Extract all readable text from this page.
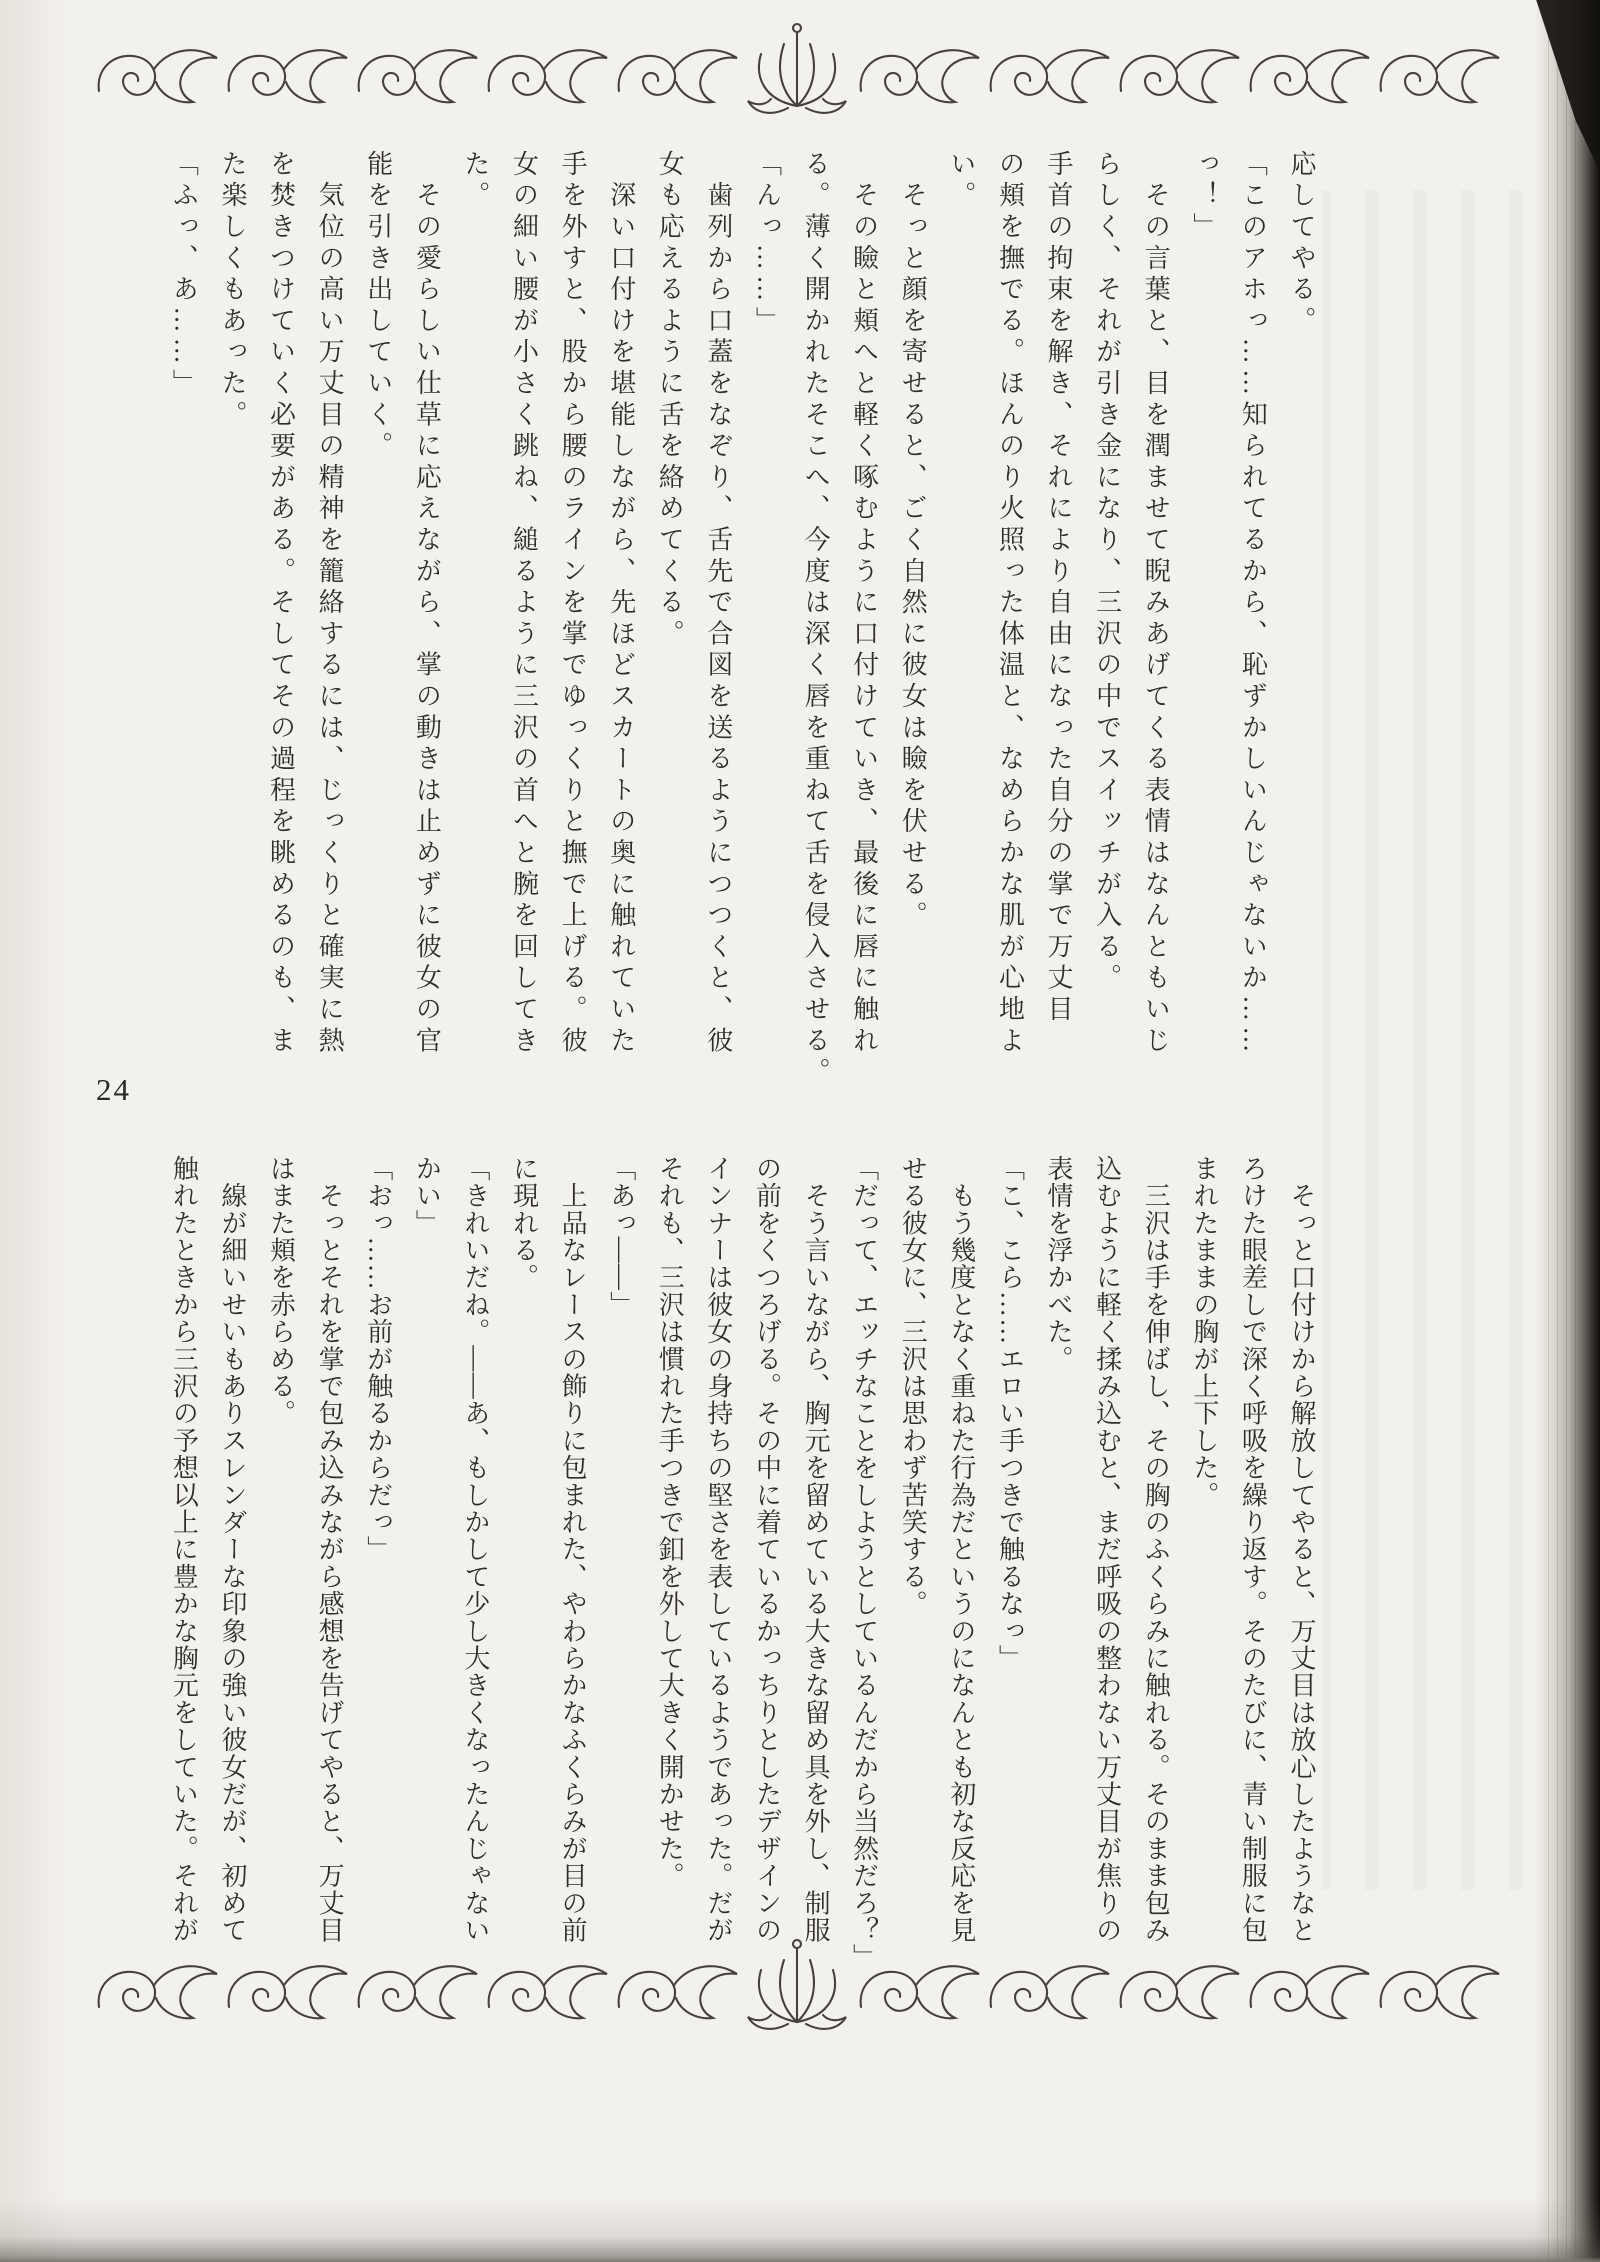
応してやる。

「このアホっ……知られてるから、恥ずかしいんじゃないか……

っ！」

　その言葉と、目を潤ませて睨みあげてくる表情はなんともいじ

らしく、それが引き金になり、三沢の中でスイッチが入る。

手首の拘束を解き、それにより自由になった自分の掌で万丈目

の頬を撫でる。ほんのり火照った体温と、なめらかな肌が心地よ

い。

　そっと顔を寄せると、ごく自然に彼女は瞼を伏せる。

　その瞼と頬へと軽く啄むように口付けていき、最後に唇に触れ

る。薄く開かれたそこへ、今度は深く唇を重ねて舌を侵入させる。

「んっ……」

　歯列から口蓋をなぞり、舌先で合図を送るようにつつくと、彼

女も応えるように舌を絡めてくる。

　深い口付けを堪能しながら、先ほどスカートの奥に触れていた

手を外すと、股から腰のラインを掌でゆっくりと撫で上げる。彼

女の細い腰が小さく跳ね、縋るように三沢の首へと腕を回してき

た。

　その愛らしい仕草に応えながら、掌の動きは止めずに彼女の官

能を引き出していく。

　気位の高い万丈目の精神を籠絡するには、じっくりと確実に熱

を焚きつけていく必要がある。そしてその過程を眺めるのも、ま

た楽しくもあった。

「ふっ、あ……」

24

　そっと口付けから解放してやると、万丈目は放心したようなと

ろけた眼差しで深く呼吸を繰り返す。そのたびに、青い制服に包

まれたままの胸が上下した。

　三沢は手を伸ばし、その胸のふくらみに触れる。そのまま包み

込むように軽く揉み込むと、まだ呼吸の整わない万丈目が焦りの

表情を浮かべた。

「こ、こら……エロい手つきで触るなっ」

　もう幾度となく重ねた行為だというのになんとも初な反応を見

せる彼女に、三沢は思わず苦笑する。

「だって、エッチなことをしようとしているんだから当然だろ？」

　そう言いながら、胸元を留めている大きな留め具を外し、制服

の前をくつろげる。その中に着ているかっちりとしたデザインの

インナーは彼女の身持ちの堅さを表しているようであった。だが

それも、三沢は慣れた手つきで釦を外して大きく開かせた。

「あっ――」

　上品なレースの飾りに包まれた、やわらかなふくらみが目の前

に現れる。

「きれいだね。――あ、もしかして少し大きくなったんじゃない

かい」

「おっ……お前が触るからだっ」

　そっとそれを掌で包み込みながら感想を告げてやると、万丈目

はまた頬を赤らめる。

　線が細いせいもありスレンダーな印象の強い彼女だが、初めて

触れたときから三沢の予想以上に豊かな胸元をしていた。それが
